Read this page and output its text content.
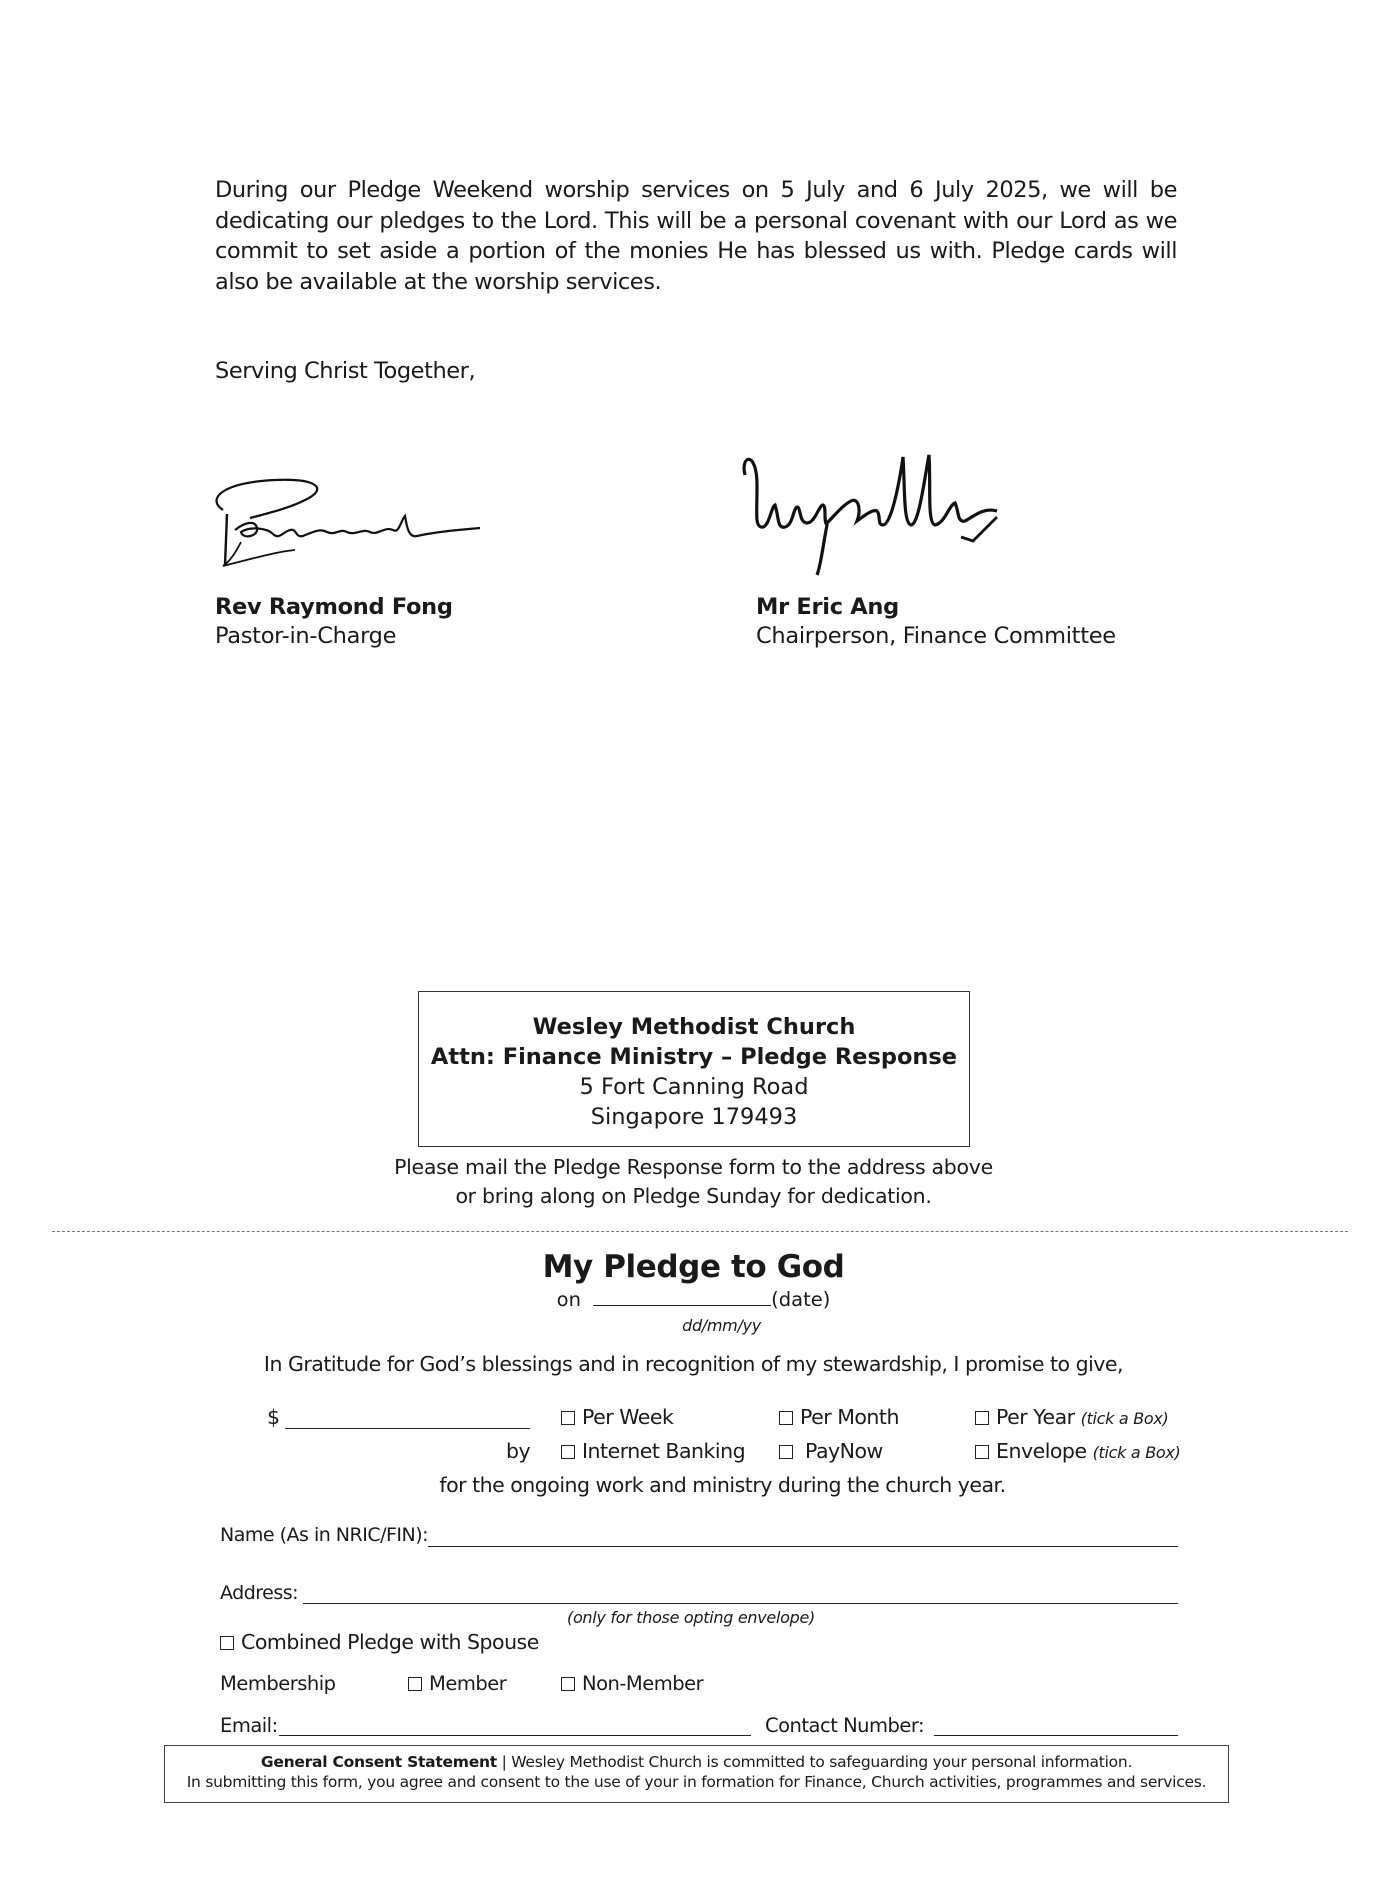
During our Pledge Weekend worship services on 5 July and 6 July 2025, we will be dedicating our pledges to the Lord. This will be a personal covenant with our Lord as we commit to set aside a portion of the monies He has blessed us with. Pledge cards will also be available at the worship services.
Serving Christ Together,
Rev Raymond Fong
Pastor-in-Charge
Mr Eric Ang
Chairperson, Finance Committee
Wesley Methodist Church
Attn: Finance Ministry – Pledge Response
5 Fort Canning Road
Singapore 179493
Please mail the Pledge Response form to the address above
or bring along on Pledge Sunday for dedication.
My Pledge to God
on	(date)
dd/mm/yy
In Gratitude for God’s blessings and in recognition of my stewardship, I promise to give,
$	Per Week	Per Month	Per Year (tick a Box)
by	Internet Banking	PayNow	Envelope (tick a Box)
for the ongoing work and ministry during the church year.
Name (As in NRIC/FIN):
Address:
(only for those opting envelope)
Combined Pledge with Spouse
Membership	Member	Non-Member
Email:	Contact Number:
General Consent Statement | Wesley Methodist Church is committed to safeguarding your personal information.
In submitting this form, you agree and consent to the use of your in formation for Finance, Church activities, programmes and services.
